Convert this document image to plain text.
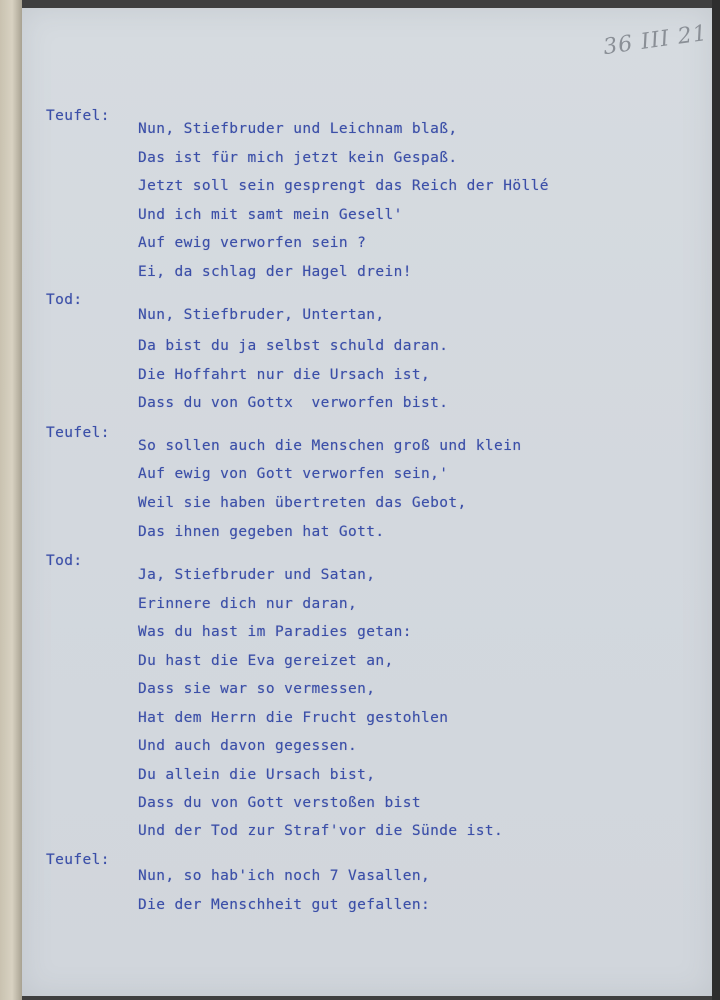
36 III 21
Teufel:
Nun, Stiefbruder und Leichnam blaß,
Das ist für mich jetzt kein Gespaß.
Jetzt soll sein gesprengt das Reich der Höllé
Und ich mit samt mein Gesell'
Auf ewig verworfen sein ?
Ei, da schlag der Hagel drein!
Tod:
Nun, Stiefbruder, Untertan,
Da bist du ja selbst schuld daran.
Die Hoffahrt nur die Ursach ist,
Dass du von Gottx  verworfen bist.
Teufel:
So sollen auch die Menschen groß und klein
Auf ewig von Gott verworfen sein,'
Weil sie haben übertreten das Gebot,
Das ihnen gegeben hat Gott.
Tod:
Ja, Stiefbruder und Satan,
Erinnere dich nur daran,
Was du hast im Paradies getan:
Du hast die Eva gereizet an,
Dass sie war so vermessen,
Hat dem Herrn die Frucht gestohlen
Und auch davon gegessen.
Du allein die Ursach bist,
Dass du von Gott verstoßen bist
Und der Tod zur Straf'vor die Sünde ist.
Teufel:
Nun, so hab'ich noch 7 Vasallen,
Die der Menschheit gut gefallen:
